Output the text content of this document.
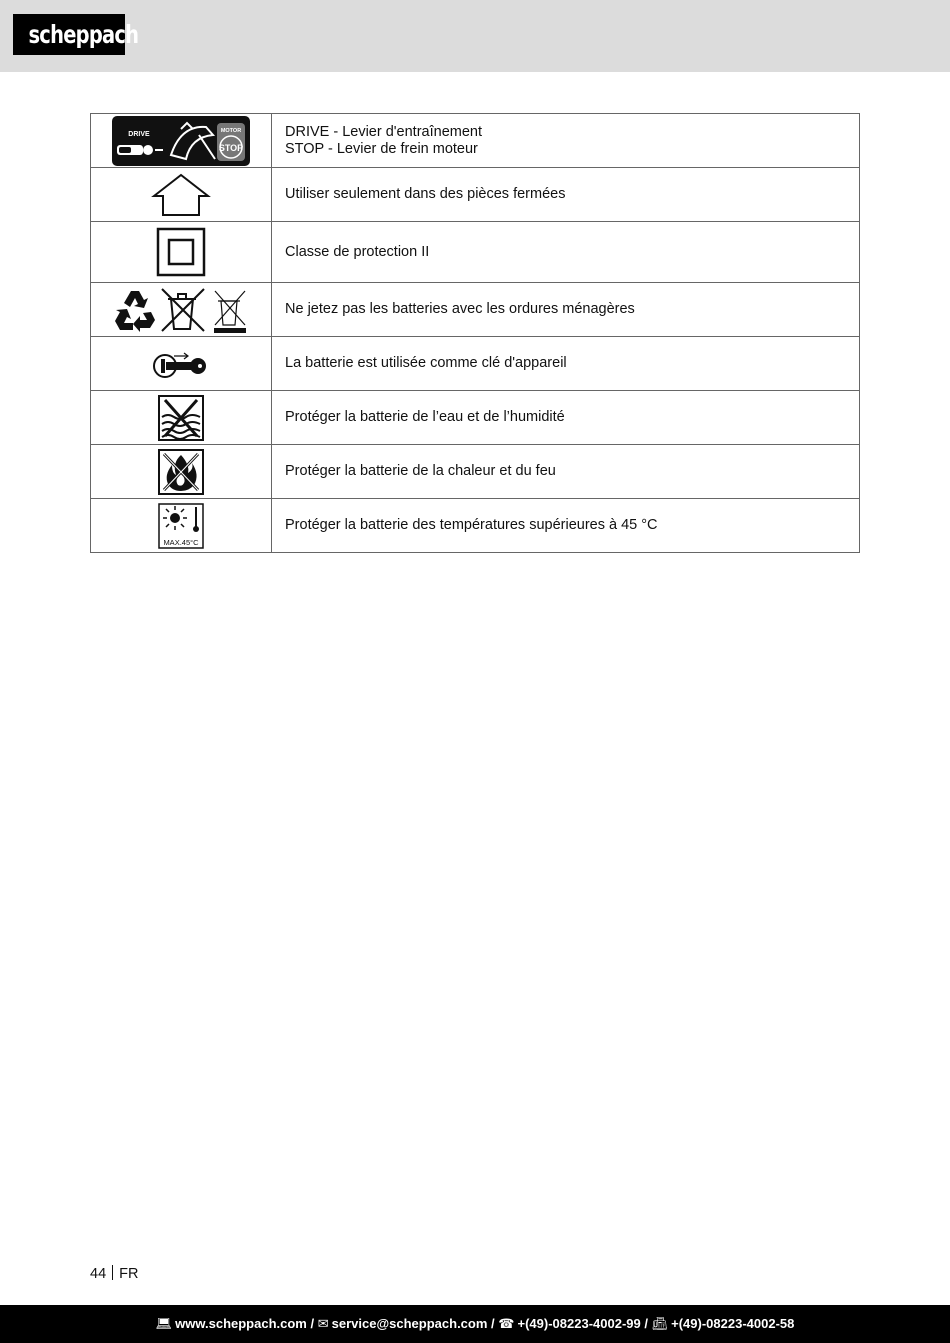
scheppach
DRIVE MOTOR
STOP	DRIVE - Levier d'entraînement
STOP - Levier de frein moteur

Utiliser seulement dans des pièces fermées

Classe de protection II

Ne jetez pas les batteries avec les ordures ménagères

La batterie est utilisée comme clé d'appareil

Protéger la batterie de l’eau et de l’humidité

Protéger la batterie de la chaleur et du feu

MAX.45°C	Protéger la batterie des températures supérieures à 45 °C
44 FR
💻︎ www.scheppach.com / ✉︎ service@scheppach.com / ☎ +(49)-08223-4002-99 / 📠︎ +(49)-08223-4002-58
